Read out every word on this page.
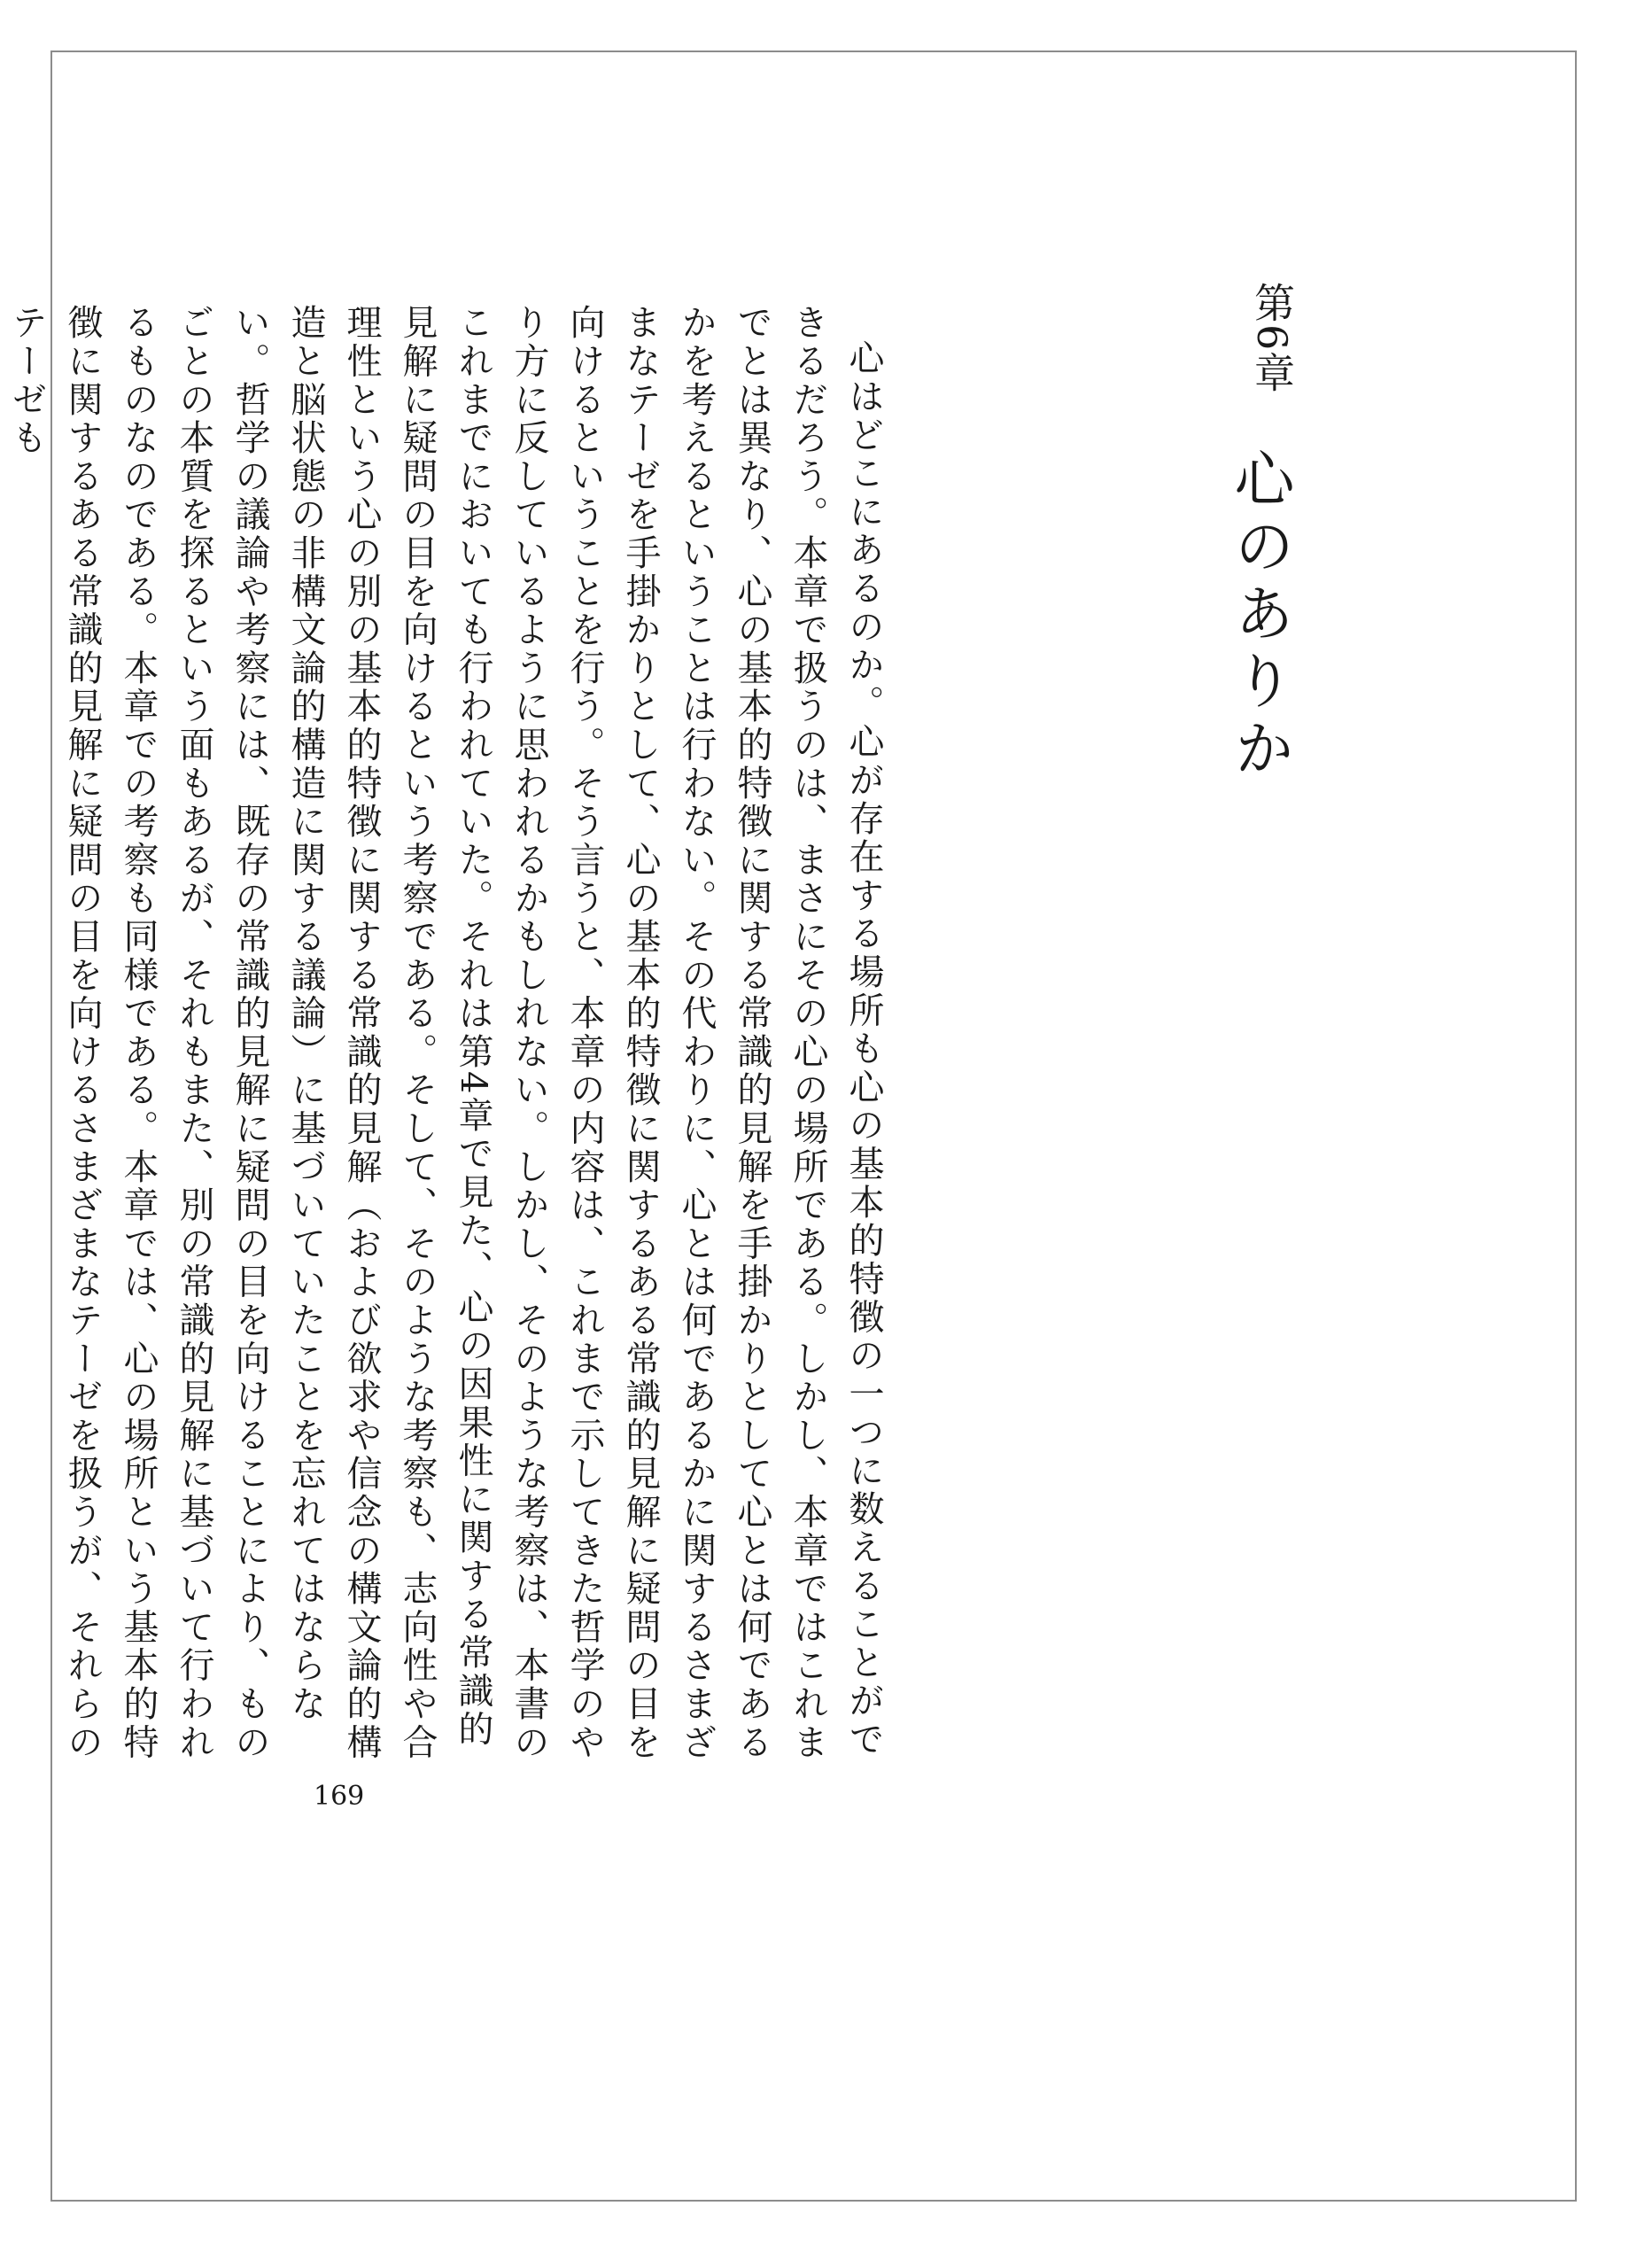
第6章
心のありか

心はどこにあるのか。心が存在する場所も心の基本的特徴の一つに数えることができるだろう。本章で扱うのは、まさにその心の場所である。しかし、本章ではこれまでとは異なり、心の基本的特徴に関する常識的見解を手掛かりとして心とは何であるかを考えるということは行わない。その代わりに、心とは何であるかに関するさまざまなテーゼを手掛かりとして、心の基本的特徴に関するある常識的見解に疑問の目を向けるということを行う。そう言うと、本章の内容は、これまで示してきた哲学のやり方に反しているように思われるかもしれない。しかし、そのような考察は、本書のこれまでにおいても行われていた。それは第4章で見た、心の因果性に関する常識的見解に疑問の目を向けるという考察である。そして、そのような考察も、志向性や合理性という心の別の基本的特徴に関する常識的見解（および欲求や信念の構文論的構造と脳状態の非構文論的構造に関する議論）に基づいていたことを忘れてはならない。哲学の議論や考察には、既存の常識的見解に疑問の目を向けることにより、ものごとの本質を探るという面もあるが、それもまた、別の常識的見解に基づいて行われるものなのである。本章での考察も同様である。本章では、心の場所という基本的特徴に関するある常識的見解に疑問の目を向けるさまざまなテーゼを扱うが、それらのテーゼも

169
